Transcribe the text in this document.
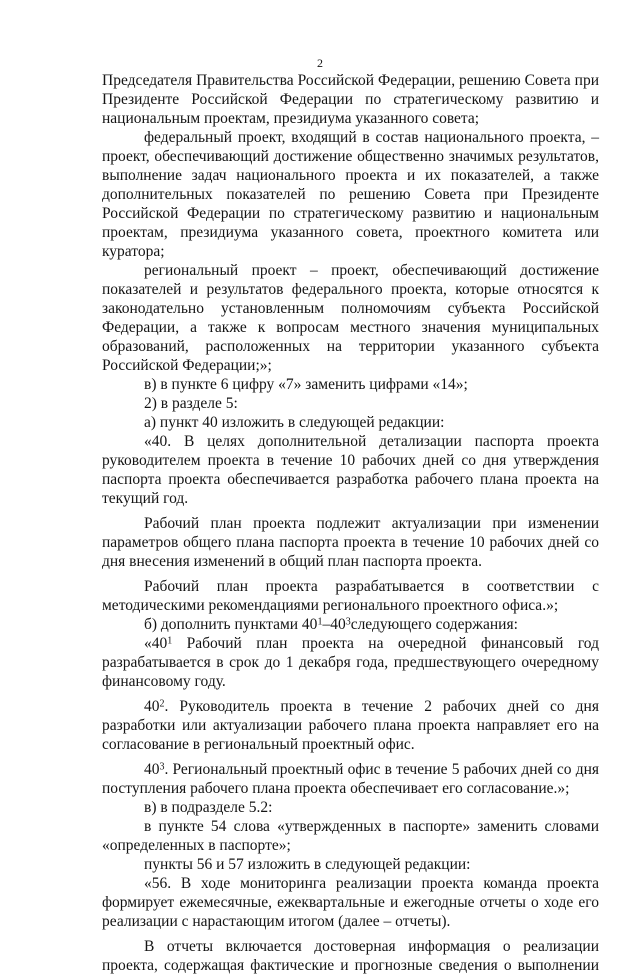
2

Председателя Правительства Российской Федерации, решению Совета при Президенте Российской Федерации по стратегическому развитию и национальным проектам, президиума указанного совета;

федеральный проект, входящий в состав национального проекта, – проект, обеспечивающий достижение общественно значимых результатов, выполнение задач национального проекта и их показателей, а также дополнительных показателей по решению Совета при Президенте Российской Федерации по стратегическому развитию и национальным проектам, президиума указанного совета, проектного комитета или куратора;

региональный проект – проект, обеспечивающий достижение показателей и результатов федерального проекта, которые относятся к законодательно установленным полномочиям субъекта Российской Федерации, а также к вопросам местного значения муниципальных образований, расположенных на территории указанного субъекта Российской Федерации;»;

в) в пункте 6 цифру «7» заменить цифрами «14»;

2) в разделе 5:

а) пункт 40 изложить в следующей редакции:

«40. В целях дополнительной детализации паспорта проекта руководителем проекта в течение 10 рабочих дней со дня утверждения паспорта проекта обеспечивается разработка рабочего плана проекта на текущий год.

Рабочий план проекта подлежит актуализации при изменении параметров общего плана паспорта проекта в течение 10 рабочих дней со дня внесения изменений в общий план паспорта проекта.

Рабочий план проекта разрабатывается в соответствии с методическими рекомендациями регионального проектного офиса.»;

б) дополнить пунктами $40^1-40^3следующего$ содержания:

«$40^1$ Рабочий план проекта на очередной финансовый год разрабатывается в срок до 1 декабря года, предшествующего очередному финансовому году.

$40^2$. Руководитель проекта в течение 2 рабочих дней со дня разработки или актуализации рабочего плана проекта направляет его на согласование в региональный проектный офис.

$40^3$. Региональный проектный офис в течение 5 рабочих дней со дня поступления рабочего плана проекта обеспечивает его согласование.»;

в) в подразделе 5.2:

в пункте 54 слова «утвержденных в паспорте» заменить словами «определенных в паспорте»;

пункты 56 и 57 изложить в следующей редакции:

«56. В ходе мониторинга реализации проекта команда проекта формирует ежемесячные, ежеквартальные и ежегодные отчеты о ходе его реализации с нарастающим итогом (далее – отчеты).

В отчеты включается достоверная информация о реализации проекта, содержащая фактические и прогнозные сведения о выполнении
